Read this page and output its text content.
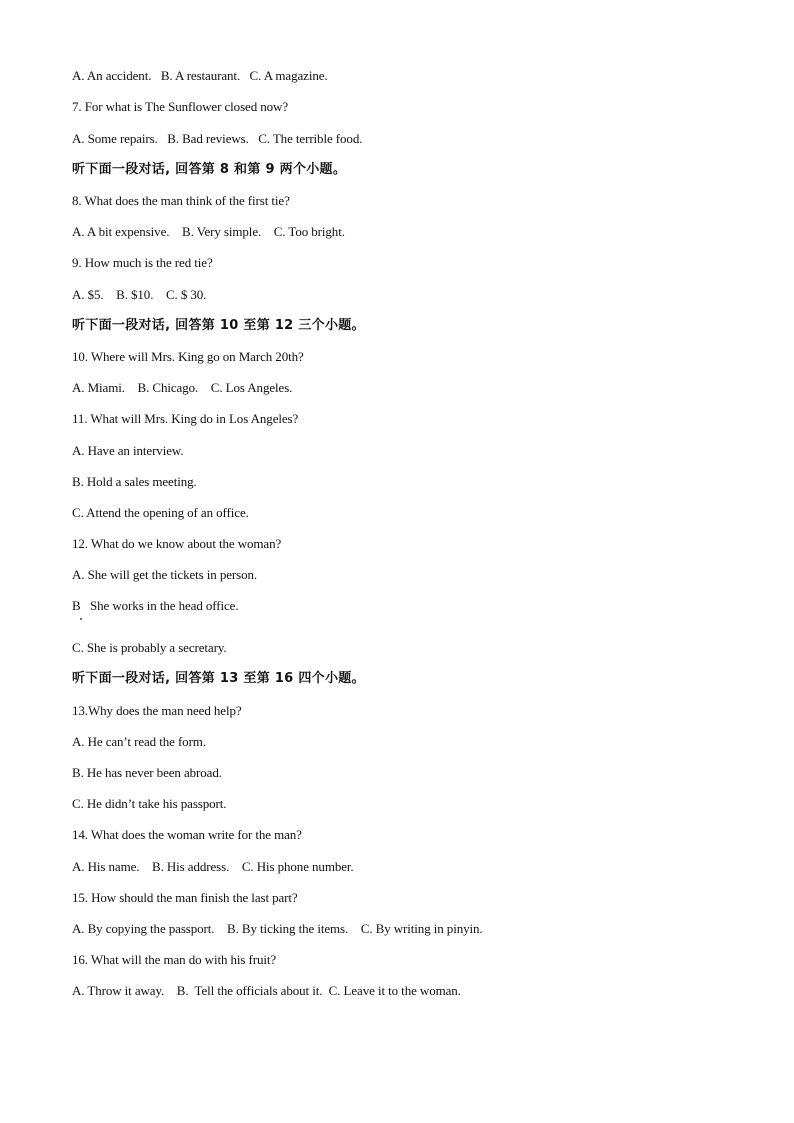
A. An accident.   B. A restaurant.   C. A magazine.
7. For what is The Sunflower closed now?
A. Some repairs.   B. Bad reviews.   C. The terrible food.
听下面一段对话, 回答第 8 和第 9 两个小题。
8. What does the man think of the first tie?
A. A bit expensive.    B. Very simple.    C. Too bright.
9. How much is the red tie?
A. $5.    B. $10.    C. $ 30.
听下面一段对话, 回答第 10 至第 12 三个小题。
10. Where will Mrs. King go on March 20th?
A. Miami.    B. Chicago.    C. Los Angeles.
11. What will Mrs. King do in Los Angeles?
A. Have an interview.
B. Hold a sales meeting.
C. Attend the opening of an office.
12. What do we know about the woman?
A. She will get the tickets in person.
B   She works in the head office.
C. She is probably a secretary.
听下面一段对话, 回答第 13 至第 16 四个小题。
13.Why does the man need help?
A. He can’t read the form.
B. He has never been abroad.
C. He didn’t take his passport.
14. What does the woman write for the man?
A. His name.    B. His address.    C. His phone number.
15. How should the man finish the last part?
A. By copying the passport.    B. By ticking the items.    C. By writing in pinyin.
16. What will the man do with his fruit?
A. Throw it away.    B.  Tell the officials about it.  C. Leave it to the woman.
